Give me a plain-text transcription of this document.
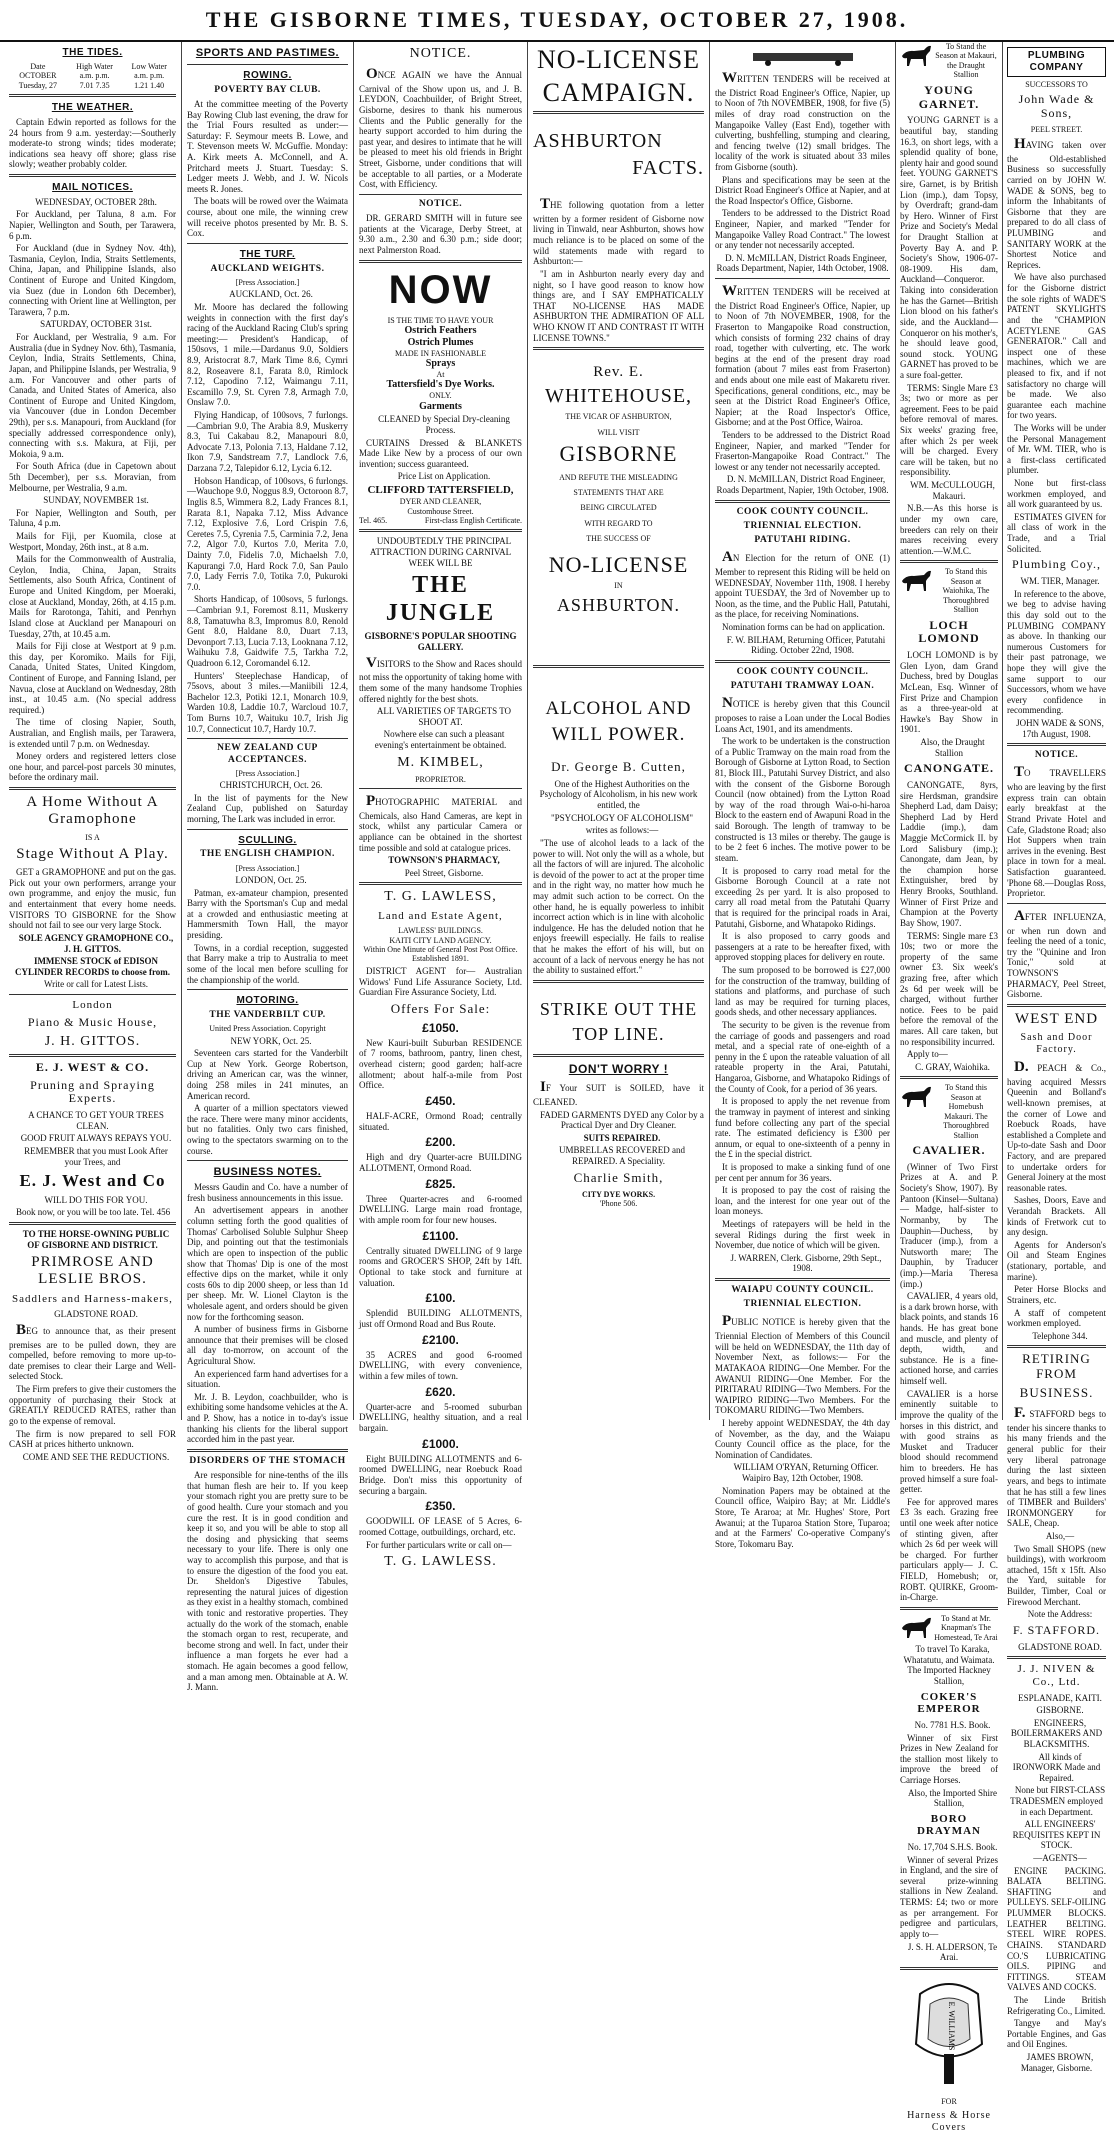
THE GISBORNE TIMES, TUESDAY, OCTOBER 27, 1908.
THE TIDES.
Date	High Water	Low Water
OCTOBER	a.m. p.m.	a.m. p.m.
Tuesday, 27	7.01 7.35	1.21 1.40
THE WEATHER.

Captain Edwin reported as follows for the 24 hours from 9 a.m. yesterday:—Southerly moderate-to strong winds; tides moderate; indications sea heavy off shore; glass rise slowly; weather probably colder.

MAIL NOTICES.

WEDNESDAY, OCTOBER 28th.

For Auckland, per Taluna, 8 a.m. For Napier, Wellington and South, per Tarawera, 6 p.m.

For Auckland (due in Sydney Nov. 4th), Tasmania, Ceylon, India, Straits Settlements, China, Japan, and Philippine Islands, also Continent of Europe and United Kingdom, via Suez (due in London 6th December), connecting with Orient line at Wellington, per Tarawera, 7 p.m.

SATURDAY, OCTOBER 31st.

For Auckland, per Westralia, 9 a.m. For Australia (due in Sydney Nov. 6th), Tasmania, Ceylon, India, Straits Settlements, China, Japan, and Philippine Islands, per Westralia, 9 a.m. For Vancouver and other parts of Canada, and United States of America, also Continent of Europe and United Kingdom, via Vancouver (due in London December 29th), per s.s. Manapouri, from Auckland (for specially addressed correspondence only), connecting with s.s. Makura, at Fiji, per Mokoia, 9 a.m.

For South Africa (due in Capetown about 5th December), per s.s. Moravian, from Melbourne, per Westralia, 9 a.m.

SUNDAY, NOVEMBER 1st.

For Napier, Wellington and South, per Taluna, 4 p.m.

Mails for Fiji, per Kuomila, close at Westport, Monday, 26th inst., at 8 a.m.

Mails for the Commonwealth of Australia, Ceylon, India, China, Japan, Straits Settlements, also South Africa, Continent of Europe and United Kingdom, per Moeraki, close at Auckland, Monday, 26th, at 4.15 p.m. Mails for Rarotonga, Tahiti, and Penrhyn Island close at Auckland per Manapouri on Tuesday, 27th, at 10.45 a.m.

Mails for Fiji close at Westport at 9 p.m. this day, per Koromiko. Mails for Fiji, Canada, United States, United Kingdom, Continent of Europe, and Fanning Island, per Navua, close at Auckland on Wednesday, 28th inst., at 10.45 a.m. (No special address required.)

The time of closing Napier, South, Australian, and English mails, per Tarawera, is extended until 7 p.m. on Wednesday.

Money orders and registered letters close one hour, and parcel-post parcels 30 minutes, before the ordinary mail.

A Home Without A Gramophone
IS A
Stage Without A Play.

GET a GRAMOPHONE and put on the gas. Pick out your own performers, arrange your own programme, and enjoy the music, fun and entertainment that every home needs. VISITORS TO GISBORNE for the Show should not fail to see our very large Stock.

SOLE AGENCY GRAMOPHONE CO., J. H. GITTOS.

IMMENSE STOCK of EDISON CYLINDER RECORDS to choose from.

Write or call for Latest Lists.

London
Piano & Music House,
J. H. GITTOS.
E. J. WEST & CO.
Pruning and Spraying Experts.

A CHANCE TO GET YOUR TREES CLEAN.

GOOD FRUIT ALWAYS REPAYS YOU.

REMEMBER that you must Look After your Trees, and

E. J. West and Co

WILL DO THIS FOR YOU.

Book now, or you will be too late. Tel. 456

TO THE HORSE-OWNING PUBLIC OF GISBORNE AND DISTRICT.

PRIMROSE AND LESLIE BROS.
Saddlers and Harness-makers,

GLADSTONE ROAD.

BEG to announce that, as their present premises are to be pulled down, they are compelled, before removing to more up-to-date premises to clear their Large and Well-selected Stock.

The Firm prefers to give their customers the opportunity of purchasing their Stock at GREATLY REDUCED RATES, rather than go to the expense of removal.

The firm is now prepared to sell FOR CASH at prices hitherto unknown.

COME AND SEE THE REDUCTIONS.

SPORTS AND PASTIMES.
ROWING.
POVERTY BAY CLUB.

At the committee meeting of the Poverty Bay Rowing Club last evening, the draw for the Trial Fours resulted as under:—Saturday: F. Seymour meets B. Lowe, and T. Stevenson meets W. McGuffie. Monday: A. Kirk meets A. McConnell, and A. Pritchard meets J. Stuart. Tuesday: S. Ledger meets J. Webb, and J. W. Nicols meets R. Jones.

The boats will be rowed over the Waimata course, about one mile, the winning crew will receive photos presented by Mr. B. S. Cox.

THE TURF.
AUCKLAND WEIGHTS.
[Press Association.]

AUCKLAND, Oct. 26.

Mr. Moore has declared the following weights in connection with the first day's racing of the Auckland Racing Club's spring meeting:— President's Handicap, of 150sovs, 1 mile.—Dardanus 9.0, Soldiers 8.9, Aristocrat 8.7, Mark Time 8.6, Cymri 8.2, Roseavere 8.1, Farata 8.0, Rimlock 7.12, Capodino 7.12, Waimangu 7.11, Escamillo 7.9, St. Cyren 7.8, Armagh 7.0, Onslaw 7.0.

Flying Handicap, of 100sovs, 7 furlongs.—Cambrian 9.0, The Arabia 8.9, Muskerry 8.3, Tui Cakabau 8.2, Manapouri 8.0, Advocate 7.13, Polonia 7.13, Haldane 7.12, Ikon 7.9, Sandstream 7.7, Landlock 7.6, Darzana 7.2, Talepidor 6.12, Lycia 6.12.

Hobson Handicap, of 100sovs, 6 furlongs.—Wauchope 9.0, Noggus 8.9, Octoroon 8.7, Inglis 8.5, Wimmera 8.2, Lady Frances 8.1, Rarata 8.1, Napaka 7.12, Miss Advance 7.12, Explosive 7.6, Lord Crispin 7.6, Ceretes 7.5, Cyrenia 7.5, Carminia 7.2, Jena 7.2, Algor 7.0, Kurtos 7.0, Merita 7.0, Dainty 7.0, Fidelis 7.0, Michaelsh 7.0, Kapurangi 7.0, Hard Rock 7.0, San Paulo 7.0, Lady Ferris 7.0, Totika 7.0, Pukuroki 7.0.

Shorts Handicap, of 100sovs, 5 furlongs.—Cambrian 9.1, Foremost 8.11, Muskerry 8.8, Tamatuwha 8.3, Impromus 8.0, Renold Gent 8.0, Haldane 8.0, Duart 7.13, Devonport 7.13, Lucia 7.13, Looknana 7.12, Waihuku 7.8, Gaidwife 7.5, Tarkha 7.2, Quadroon 6.12, Coromandel 6.12.

Hunters' Steeplechase Handicap, of 75sovs, about 3 miles.—Maniibili 12.4, Bachelor 12.3, Potiki 12.1, Monarch 10.9, Warden 10.8, Laddie 10.7, Warcloud 10.7, Tom Burns 10.7, Waituku 10.7, Irish Jig 10.7, Connecticut 10.7, Hardy 10.7.

NEW ZEALAND CUP ACCEPTANCES.
[Press Association.]

CHRISTCHURCH, Oct. 26.

In the list of payments for the New Zealand Cup, published on Saturday morning, The Lark was included in error.

SCULLING.
THE ENGLISH CHAMPION.
[Press Association.]

LONDON, Oct. 25.

Patman, ex-amateur champion, presented Barry with the Sportsman's Cup and medal at a crowded and enthusiastic meeting at Hammersmith Town Hall, the mayor presiding.

Towns, in a cordial reception, suggested that Barry make a trip to Australia to meet some of the local men before sculling for the championship of the world.

MOTORING.
THE VANDERBILT CUP.
United Press Association. Copyright

NEW YORK, Oct. 25.

Seventeen cars started for the Vanderbilt Cup at New York. George Robertson, driving an American car, was the winner, doing 258 miles in 241 minutes, an American record.

A quarter of a million spectators viewed the race. There were many minor accidents, but no fatalities. Only two cars finished, owing to the spectators swarming on to the course.

BUSINESS NOTES.

Messrs Gaudin and Co. have a number of fresh business announcements in this issue.

An advertisement appears in another column setting forth the good qualities of Thomas' Carbolised Soluble Sulphur Sheep Dip, and pointing out that the testimonials which are open to inspection of the public show that Thomas' Dip is one of the most effective dips on the market, while it only costs 60s to dip 2000 sheep, or less than 1d per sheep. Mr. W. Lionel Clayton is the wholesale agent, and orders should be given now for the forthcoming season.

A number of business firms in Gisborne announce that their premises will be closed all day to-morrow, on account of the Agricultural Show.

An experienced farm hand advertises for a situation.

Mr. J. B. Leydon, coachbuilder, who is exhibiting some handsome vehicles at the A. and P. Show, has a notice in to-day's issue thanking his clients for the liberal support accorded him in the past year.

DISORDERS OF THE STOMACH

Are responsible for nine-tenths of the ills that human flesh are heir to. If you keep your stomach right you are pretty sure to be of good health. Cure your stomach and you cure the rest. It is in good condition and keep it so, and you will be able to stop all the dosing and physicking that seems necessary to your life. There is only one way to accomplish this purpose, and that is to ensure the digestion of the food you eat. Dr. Sheldon's Digestive Tabules, representing the natural juices of digestion as they exist in a healthy stomach, combined with tonic and restorative properties. They actually do the work of the stomach, enable the stomach organ to rest, recuperate, and become strong and well. In fact, under their influence a man forgets he ever had a stomach. He again becomes a good fellow, and a man among men. Obtainable at A. W. J. Mann.

NOTICE.

ONCE AGAIN we have the Annual Carnival of the Show upon us, and J. B. LEYDON, Coachbuilder, of Bright Street, Gisborne, desires to thank his numerous Clients and the Public generally for the hearty support accorded to him during the past year, and desires to intimate that he will be pleased to meet his old friends in Bright Street, Gisborne, under conditions that will be acceptable to all parties, or a Moderate Cost, with Efficiency.

NOTICE.

DR. GERARD SMITH will in future see patients at the Vicarage, Derby Street, at 9.30 a.m., 2.30 and 6.30 p.m.; side door; next Palmerston Road.

NOW
IS THE TIME TO HAVE YOUR
Ostrich Feathers
Ostrich Plumes
MADE IN FASHIONABLE
Sprays
At
Tattersfield's Dye Works.
ONLY.
Garments

CLEANED by Special Dry-cleaning Process.

CURTAINS Dressed & BLANKETS Made Like New by a process of our own invention; success guaranteed.

Price List on Application.

CLIFFORD TATTERSFIELD,
DYER AND CLEANER,
Customhouse Street.
Tel. 465.	First-class English Certificate.

UNDOUBTEDLY THE PRINCIPAL ATTRACTION DURING CARNIVAL WEEK WILL BE

THE JUNGLE
GISBORNE'S POPULAR SHOOTING GALLERY.

VISITORS to the Show and Races should not miss the opportunity of taking home with them some of the many handsome Trophies offered nightly for the best shots.

ALL VARIETIES OF TARGETS TO SHOOT AT.

Nowhere else can such a pleasant evening's entertainment be obtained.

M. KIMBEL,
PROPRIETOR.

PHOTOGRAPHIC MATERIAL and Chemicals, also Hand Cameras, are kept in stock, whilst any particular Camera or appliance can be obtained in the shortest time possible and sold at catalogue prices.

TOWNSON'S PHARMACY,

Peel Street, Gisborne.

T. G. LAWLESS,
Land and Estate Agent,
LAWLESS' BUILDINGS.
KAITI CITY LAND AGENCY.
Within One Minute of General Post Post Office.
Established 1891.

DISTRICT AGENT for— Australian Widows' Fund Life Assurance Society, Ltd. Guardian Fire Assurance Society, Ltd.

Offers For Sale:
£1050.

New Kauri-built Suburban RESIDENCE of 7 rooms, bathroom, pantry, linen chest, overhead cistern; good garden; half-acre allotment; about half-a-mile from Post Office.

£450.

HALF-ACRE, Ormond Road; centrally situated.

£200.

High and dry Quarter-acre BUILDING ALLOTMENT, Ormond Road.

£825.

Three Quarter-acres and 6-roomed DWELLING. Large main road frontage, with ample room for four new houses.

£1100.

Centrally situated DWELLING of 9 large rooms and GROCER'S SHOP, 24ft by 14ft. Optional to take stock and furniture at valuation.

£100.

Splendid BUILDING ALLOTMENTS, just off Ormond Road and Bus Route.

£2100.

35 ACRES and good 6-roomed DWELLING, with every convenience, within a few miles of town.

£620.

Quarter-acre and 5-roomed suburban DWELLING, healthy situation, and a real bargain.

£1000.

Eight BUILDING ALLOTMENTS and 6-roomed DWELLING, near Roebuck Road Bridge. Don't miss this opportunity of securing a bargain.

£350.

GOODWILL OF LEASE of 5 Acres, 6-roomed Cottage, outbuildings, orchard, etc.

For further particulars write or call on—

T. G. LAWLESS.
NO-LICENSE
CAMPAIGN.
ASHBURTON
FACTS.

THE following quotation from a letter written by a former resident of Gisborne now living in Tinwald, near Ashburton, shows how much reliance is to be placed on some of the wild statements made with regard to Ashburton:—

"I am in Ashburton nearly every day and night, so I have good reason to know how things are, and I SAY EMPHATICALLY THAT NO-LICENSE HAS MADE ASHBURTON THE ADMIRATION OF ALL WHO KNOW IT AND CONTRAST IT WITH LICENSE TOWNS."

Rev. E.
WHITEHOUSE,
THE VICAR OF ASHBURTON,
WILL VISIT
GISBORNE
AND REFUTE THE MISLEADING
STATEMENTS THAT ARE
BEING CIRCULATED
WITH REGARD TO
THE SUCCESS OF
NO-LICENSE
IN
ASHBURTON.
ALCOHOL AND
WILL POWER.
Dr. George B. Cutten,

One of the Highest Authorities on the Psychology of Alcoholism, in his new work entitled, the

"PSYCHOLOGY OF ALCOHOLISM"

writes as follows:—

"The use of alcohol leads to a lack of the power to will. Not only the will as a whole, but all the factors of will are injured. The alcoholic is devoid of the power to act at the proper time and in the right way, no matter how much he may admit such action to be correct. On the other hand, he is equally powerless to inhibit incorrect action which is in line with alcoholic indulgence. He has the deluded notion that he enjoys freewill especially. He fails to realise that he makes the effort of his will, but on account of a lack of nervous energy he has not the ability to sustained effort."

STRIKE OUT THE
TOP LINE.
DON'T WORRY !

IF Your SUIT is SOILED, have it CLEANED.

FADED GARMENTS DYED any Color by a Practical Dyer and Dry Cleaner.

SUITS REPAIRED.

UMBRELLAS RECOVERED and REPAIRED. A Speciality.

Charlie Smith,
CITY DYE WORKS.
'Phone 506.

WRITTEN TENDERS will be received at the District Road Engineer's Office, Napier, up to Noon of 7th NOVEMBER, 1908, for five (5) miles of dray road construction on the Mangapoike Valley (East End), together with culverting, bushfelling, stumping and clearing, and fencing twelve (12) small bridges. The locality of the work is situated about 33 miles from Gisborne (south).

Plans and specifications may be seen at the District Road Engineer's Office at Napier, and at the Road Inspector's Office, Gisborne.

Tenders to be addressed to the District Road Engineer, Napier, and marked "Tender for Mangapoike Valley Road Contract." The lowest or any tender not necessarily accepted.

D. N. McMILLAN, District Roads Engineer, Roads Department, Napier, 14th October, 1908.

WRITTEN TENDERS will be received at the District Road Engineer's Office, Napier, up to Noon of 7th NOVEMBER, 1908, for the Fraserton to Mangapoike Road construction, which consists of forming 232 chains of dray road, together with culverting, etc. The work begins at the end of the present dray road formation (about 7 miles east from Fraserton) and ends about one mile east of Makaretu river. Specifications, general conditions, etc., may be seen at the District Road Engineer's Office, Napier; at the Road Inspector's Office, Gisborne; and at the Post Office, Wairoa.

Tenders to be addressed to the District Road Engineer, Napier, and marked "Tender for Fraserton-Mangapoike Road Contract." The lowest or any tender not necessarily accepted.

D. N. McMILLAN, District Road Engineer, Roads Department, Napier, 19th October, 1908.

COOK COUNTY COUNCIL.
TRIENNIAL ELECTION.
PATUTAHI RIDING.

AN Election for the return of ONE (1) Member to represent this Riding will be held on WEDNESDAY, November 11th, 1908. I hereby appoint TUESDAY, the 3rd of November up to Noon, as the time, and the Public Hall, Patutahi, as the place, for receiving Nominations.

Nomination forms can be had on application.

F. W. BILHAM, Returning Officer, Patutahi Riding. October 22nd, 1908.

COOK COUNTY COUNCIL.
PATUTAHI TRAMWAY LOAN.

NOTICE is hereby given that this Council proposes to raise a Loan under the Local Bodies Loans Act, 1901, and its amendments.

The work to be undertaken is the construction of a Public Tramway on the main road from the Borough of Gisborne at Lytton Road, to Section 81, Block III., Patutahi Survey District, and also with the consent of the Gisborne Borough Council (now obtained) from the Lytton Road by way of the road through Wai-o-hi-haroa Block to the eastern end of Awapuni Road in the said Borough. The length of tramway to be constructed is 13 miles or thereby. The gauge is to be 2 feet 6 inches. The motive power to be steam.

It is proposed to carry road metal for the Gisborne Borough Council at a rate not exceeding 2s per yard. It is also proposed to carry all road metal from the Patutahi Quarry that is required for the principal roads in Arai, Patutahi, Gisborne, and Whatapoko Ridings.

It is also proposed to carry goods and passengers at a rate to be hereafter fixed, with approved stopping places for delivery en route.

The sum proposed to be borrowed is £27,000 for the construction of the tramway, building of stations and platforms, and purchase of such land as may be required for turning places, goods sheds, and other necessary appliances.

The security to be given is the revenue from the carriage of goods and passengers and road metal, and a special rate of one-eighth of a penny in the £ upon the rateable valuation of all rateable property in the Arai, Patutahi, Hangaroa, Gisborne, and Whatapoko Ridings of the County of Cook, for a period of 36 years.

It is proposed to apply the net revenue from the tramway in payment of interest and sinking fund before collecting any part of the special rate. The estimated deficiency is £300 per annum, or equal to one-sixteenth of a penny in the £ in the special district.

It is proposed to make a sinking fund of one per cent per annum for 36 years.

It is proposed to pay the cost of raising the loan, and the interest for one year out of the loan moneys.

Meetings of ratepayers will be held in the several Ridings during the first week in November, due notice of which will be given.

J. WARREN, Clerk. Gisborne, 29th Sept., 1908.

WAIAPU COUNTY COUNCIL.
TRIENNIAL ELECTION.

PUBLIC NOTICE is hereby given that the Triennial Election of Members of this Council will be held on WEDNESDAY, the 11th day of November Next, as follows:— For the MATAKAOA RIDING—One Member. For the AWANUI RIDING—One Member. For the PIRITARAU RIDING—Two Members. For the WAIPIRO RIDING—Two Members. For the TOKOMARU RIDING—Two Members.

I hereby appoint WEDNESDAY, the 4th day of November, as the day, and the Waiapu County Council office as the place, for the Nomination of Candidates.

WILLIAM O'RYAN, Returning Officer. Waipiro Bay, 12th October, 1908.

Nomination Papers may be obtained at the Council office, Waipiro Bay; at Mr. Liddle's Store, Te Araroa; at Mr. Hughes' Store, Port Awanui; at the Tuparoa Station Store, Tuparoa; and at the Farmers' Co-operative Company's Store, Tokomaru Bay.

To Stand the Season at Makauri, the Draught Stallion
YOUNG GARNET.

YOUNG GARNET is a beautiful bay, standing 16.3, on short legs, with a splendid quality of bone, plenty hair and good sound feet. YOUNG GARNET'S sire, Garnet, is by British Lion (imp.), dam Topsy, by Overdraft; grand-dam by Hero. Winner of First Prize and Society's Medal for Draught Stallion at Poverty Bay A. and P. Society's Show, 1906-07-08-1909. His dam, Auckland—Conqueror. Taking into consideration he has the Garnet—British Lion blood on his father's side, and the Auckland—Conqueror on his mother's, he should leave good, sound stock. YOUNG GARNET has proved to be a sure foal-getter.

TERMS: Single Mare £3 3s; two or more as per agreement. Fees to be paid before removal of mares. Six weeks' grazing free, after which 2s per week will be charged. Every care will be taken, but no responsibility.

WM. McCULLOUGH, Makauri.

N.B.—As this horse is under my own care, breeders can rely on their mares receiving every attention.—W.M.C.

To Stand this Season at Waiohika, The Thoroughbred Stallion
LOCH LOMOND

LOCH LOMOND is by Glen Lyon, dam Grand Duchess, bred by Douglas McLean, Esq. Winner of First Prize and Champion as a three-year-old at Hawke's Bay Show in 1901.

Also, the Draught Stallion

CANONGATE.

CANONGATE, 8yrs, sire Herdsman, grandsire Shepherd Lad, dam Daisy; Shepherd Lad by Herd Laddie (imp.), dam Maggie McCormick II. by Lord Salisbury (imp.); Canongate, dam Jean, by the champion horse Extinguisher, bred by Henry Brooks, Southland. Winner of First Prize and Champion at the Poverty Bay Show, 1907.

TERMS: Single mare £3 10s; two or more the property of the same owner £3. Six week's grazing free, after which 2s 6d per week will be charged, without further notice. Fees to be paid before the removal of the mares. All care taken, but no responsibility incurred.

Apply to—

C. GRAY, Waiohika.

To Stand this Season at Homebush Makauri. The Thoroughbred Stallion
CAVALIER.

(Winner of Two First Prizes at A. and P. Society's Show, 1907). By Pantoon (Kinsel—Sultana)— Madge, half-sister to Normanby, by The Dauphin—Duchess, by Traducer (imp.), from a Nutsworth mare; The Dauphin, by Traducer (imp.)—Maria Theresa (imp.)

CAVALIER, 4 years old, is a dark brown horse, with black points, and stands 16 hands. He has great bone and muscle, and plenty of depth, width, and substance. He is a fine-actioned horse, and carries himself well.

CAVALIER is a horse eminently suitable to improve the quality of the horses in this district, and with good strains as Musket and Traducer blood should recommend him to breeders. He has proved himself a sure foal-getter.

Fee for approved mares £3 3s each. Grazing free until one week after notice of stinting given, after which 2s 6d per week will be charged. For further particulars apply— J. C. FIELD, Homebush; or, ROBT. QUIRKE, Groom-in-Charge.

To Stand at Mr. Knapman's The Homestead, Te Arai

To travel To Karaka, Whatatutu, and Waimata. The Imported Hackney Stallion,

COKER'S EMPEROR

No. 7781 H.S. Book.

Winner of six First Prizes in New Zealand for the stallion most likely to improve the breed of Carriage Horses.

Also, the Imported Shire Stallion,

BORO DRAYMAN

No. 17,704 S.H.S. Book.

Winner of several Prizes in England, and the sire of several prize-winning stallions in New Zealand. TERMS: £4; two or more as per arrangement. For pedigree and particulars, apply to—

J. S. H. ALDERSON, Te Arai.

E. WILLIAMS
FOR
Harness & Horse Covers
PLUMBING COMPANY
SUCCESSORS TO
John Wade & Sons,
PEEL STREET.

HAVING taken over the Old-established Business so successfully carried on by JOHN W. WADE & SONS, beg to inform the Inhabitants of Gisborne that they are prepared to do all class of PLUMBING and SANITARY WORK at the Shortest Notice and Reprices.

We have also purchased for the Gisborne district the sole rights of WADE'S PATENT SKYLIGHTS and the "CHAMPION ACETYLENE GAS GENERATOR." Call and inspect one of these machines, which we are pleased to fix, and if not satisfactory no charge will be made. We also guarantee each machine for two years.

The Works will be under the Personal Management of Mr. WM. TIER, who is a first-class certificated plumber.

None but first-class workmen employed, and all work guaranteed by us.

ESTIMATES GIVEN for all class of work in the Trade, and a Trial Solicited.

Plumbing Coy.,

WM. TIER, Manager.

In reference to the above, we beg to advise having this day sold out to the PLUMBING COMPANY as above. In thanking our numerous Customers for their past patronage, we hope they will give the same support to our Successors, whom we have every confidence in recommending.

JOHN WADE & SONS, 17th August, 1908.

NOTICE.

TO TRAVELLERS who are leaving by the first express train can obtain early breakfast at the Strand Private Hotel and Cafe, Gladstone Road; also Hot Suppers when train arrives in the evening. Best place in town for a meal. Satisfaction guaranteed. 'Phone 68.—Douglas Ross, Proprietor.

AFTER INFLUENZA, or when run down and feeling the need of a tonic, try the "Quinine and Iron Tonic," sold at TOWNSON'S PHARMACY, Peel Street, Gisborne.

WEST END
Sash and Door Factory.

D. PEACH & Co., having acquired Messrs Queenin and Bolland's well-known premises, at the corner of Lowe and Roebuck Roads, have established a Complete and Up-to-date Sash and Door Factory, and are prepared to undertake orders for General Joinery at the most reasonable rates.

Sashes, Doors, Eave and Verandah Brackets. All kinds of Fretwork cut to any design.

Agents for Anderson's Oil and Steam Engines (stationary, portable, and marine).

Peter Horse Blocks and Strainers, etc.

A staff of competent workmen employed.

Telephone 344.

RETIRING FROM
BUSINESS.

F. STAFFORD begs to tender his sincere thanks to his many friends and the general public for their very liberal patronage during the last sixteen years, and begs to intimate that he has still a few lines of TIMBER and Builders' IRONMONGERY for SALE, Cheap.

Also,—

Two Small SHOPS (new buildings), with workroom attached, 15ft x 15ft. Also the Yard, suitable for Builder, Timber, Coal or Firewood Merchant.

Note the Address:

F. STAFFORD.

GLADSTONE ROAD.

J. J. NIVEN & Co., Ltd.

ESPLANADE, KAITI.

GISBORNE.

ENGINEERS, BOILERMAKERS AND BLACKSMITHS.

All kinds of IRONWORK Made and Repaired.

None but FIRST-CLASS TRADESMEN employed in each Department.

ALL ENGINEERS' REQUISITES KEPT IN STOCK.

—AGENTS—

ENGINE PACKING. BALATA BELTING. SHAFTING and PULLEYS. SELF-OILING PLUMMER BLOCKS. LEATHER BELTING. STEEL WIRE ROPES. CHAINS. STANDARD CO.'S LUBRICATING OILS. PIPING and FITTINGS. STEAM VALVES AND COCKS.

The Linde British Refrigerating Co., Limited.

Tangye and May's Portable Engines, and Gas and Oil Engines.

JAMES BROWN, Manager, Gisborne.
